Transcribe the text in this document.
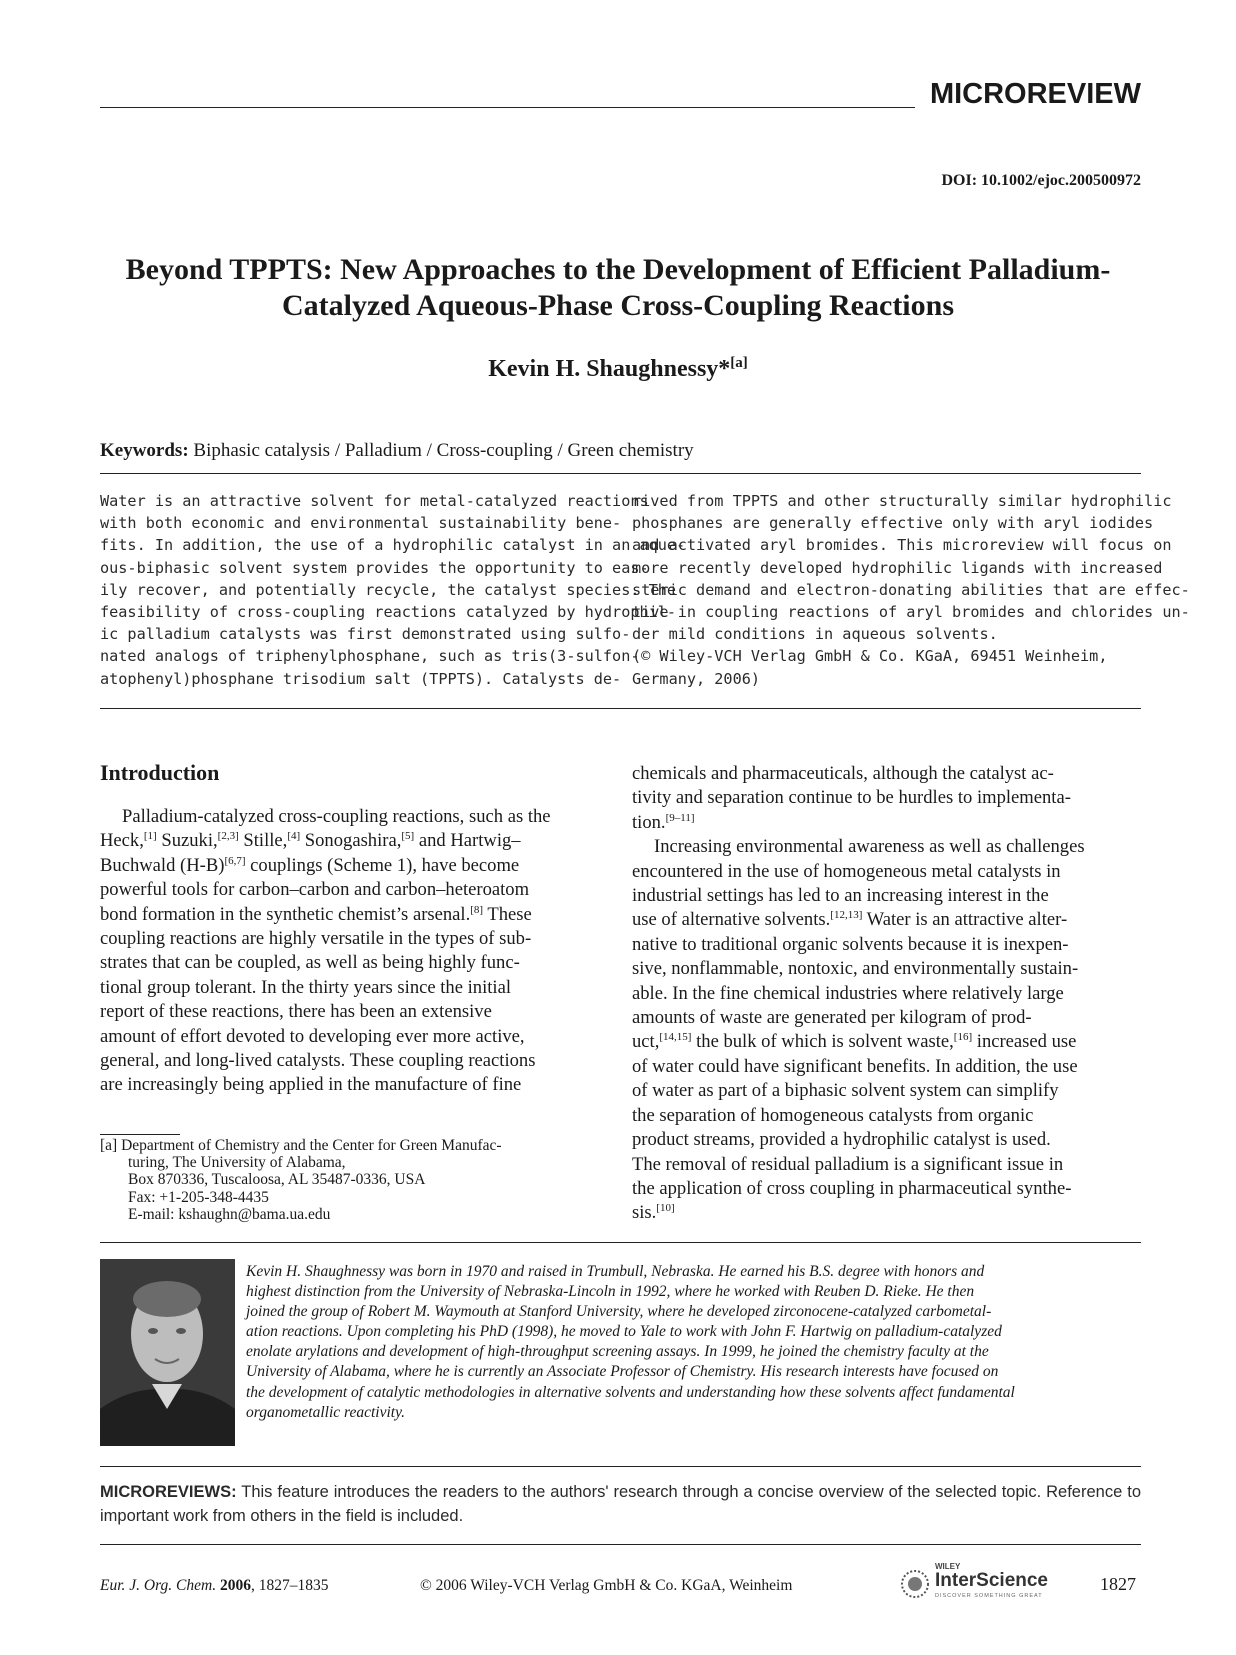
MICROREVIEW
DOI: 10.1002/ejoc.200500972
Beyond TPPTS: New Approaches to the Development of Efficient Palladium-
Catalyzed Aqueous-Phase Cross-Coupling Reactions
Kevin H. Shaughnessy*[a]
Keywords: Biphasic catalysis / Palladium / Cross-coupling / Green chemistry
Water is an attractive solvent for metal-catalyzed reactions
with both economic and environmental sustainability bene-
fits. In addition, the use of a hydrophilic catalyst in an aque-
ous-biphasic solvent system provides the opportunity to eas-
ily recover, and potentially recycle, the catalyst species. The
feasibility of cross-coupling reactions catalyzed by hydrophil-
ic palladium catalysts was first demonstrated using sulfo-
nated analogs of triphenylphosphane, such as tris(3-sulfon-
atophenyl)phosphane trisodium salt (TPPTS). Catalysts de-
rived from TPPTS and other structurally similar hydrophilic
phosphanes are generally effective only with aryl iodides
and activated aryl bromides. This microreview will focus on
more recently developed hydrophilic ligands with increased
steric demand and electron-donating abilities that are effec-
tive in coupling reactions of aryl bromides and chlorides un-
der mild conditions in aqueous solvents.
(© Wiley-VCH Verlag GmbH & Co. KGaA, 69451 Weinheim,
Germany, 2006)
Introduction
Palladium-catalyzed cross-coupling reactions, such as the
Heck,[1] Suzuki,[2,3] Stille,[4] Sonogashira,[5] and Hartwig–
Buchwald (H-B)[6,7] couplings (Scheme 1), have become
powerful tools for carbon–carbon and carbon–heteroatom
bond formation in the synthetic chemist’s arsenal.[8] These
coupling reactions are highly versatile in the types of sub-
strates that can be coupled, as well as being highly func-
tional group tolerant. In the thirty years since the initial
report of these reactions, there has been an extensive
amount of effort devoted to developing ever more active,
general, and long-lived catalysts. These coupling reactions
are increasingly being applied in the manufacture of fine
chemicals and pharmaceuticals, although the catalyst ac-
tivity and separation continue to be hurdles to implementa-
tion.[9–11]
Increasing environmental awareness as well as challenges
encountered in the use of homogeneous metal catalysts in
industrial settings has led to an increasing interest in the
use of alternative solvents.[12,13] Water is an attractive alter-
native to traditional organic solvents because it is inexpen-
sive, nonflammable, nontoxic, and environmentally sustain-
able. In the fine chemical industries where relatively large
amounts of waste are generated per kilogram of prod-
uct,[14,15] the bulk of which is solvent waste,[16] increased use
of water could have significant benefits. In addition, the use
of water as part of a biphasic solvent system can simplify
the separation of homogeneous catalysts from organic
product streams, provided a hydrophilic catalyst is used.
The removal of residual palladium is a significant issue in
the application of cross coupling in pharmaceutical synthe-
sis.[10]
[a] Department of Chemistry and the Center for Green Manufac-
turing, The University of Alabama,
Box 870336, Tuscaloosa, AL 35487-0336, USA
Fax: +1-205-348-4435
E-mail: kshaughn@bama.ua.edu
Kevin H. Shaughnessy was born in 1970 and raised in Trumbull, Nebraska. He earned his B.S. degree with honors and
highest distinction from the University of Nebraska-Lincoln in 1992, where he worked with Reuben D. Rieke. He then
joined the group of Robert M. Waymouth at Stanford University, where he developed zirconocene-catalyzed carbometal-
ation reactions. Upon completing his PhD (1998), he moved to Yale to work with John F. Hartwig on palladium-catalyzed
enolate arylations and development of high-throughput screening assays. In 1999, he joined the chemistry faculty at the
University of Alabama, where he is currently an Associate Professor of Chemistry. His research interests have focused on
the development of catalytic methodologies in alternative solvents and understanding how these solvents affect fundamental
organometallic reactivity.
MICROREVIEWS: This feature introduces the readers to the authors' research through a concise overview of the selected topic. Reference to important work from others in the field is included.
Eur. J. Org. Chem. 2006, 1827–1835	© 2006 Wiley-VCH Verlag GmbH & Co. KGaA, Weinheim
WILEY
InterScience
DISCOVER SOMETHING GREAT
1827
